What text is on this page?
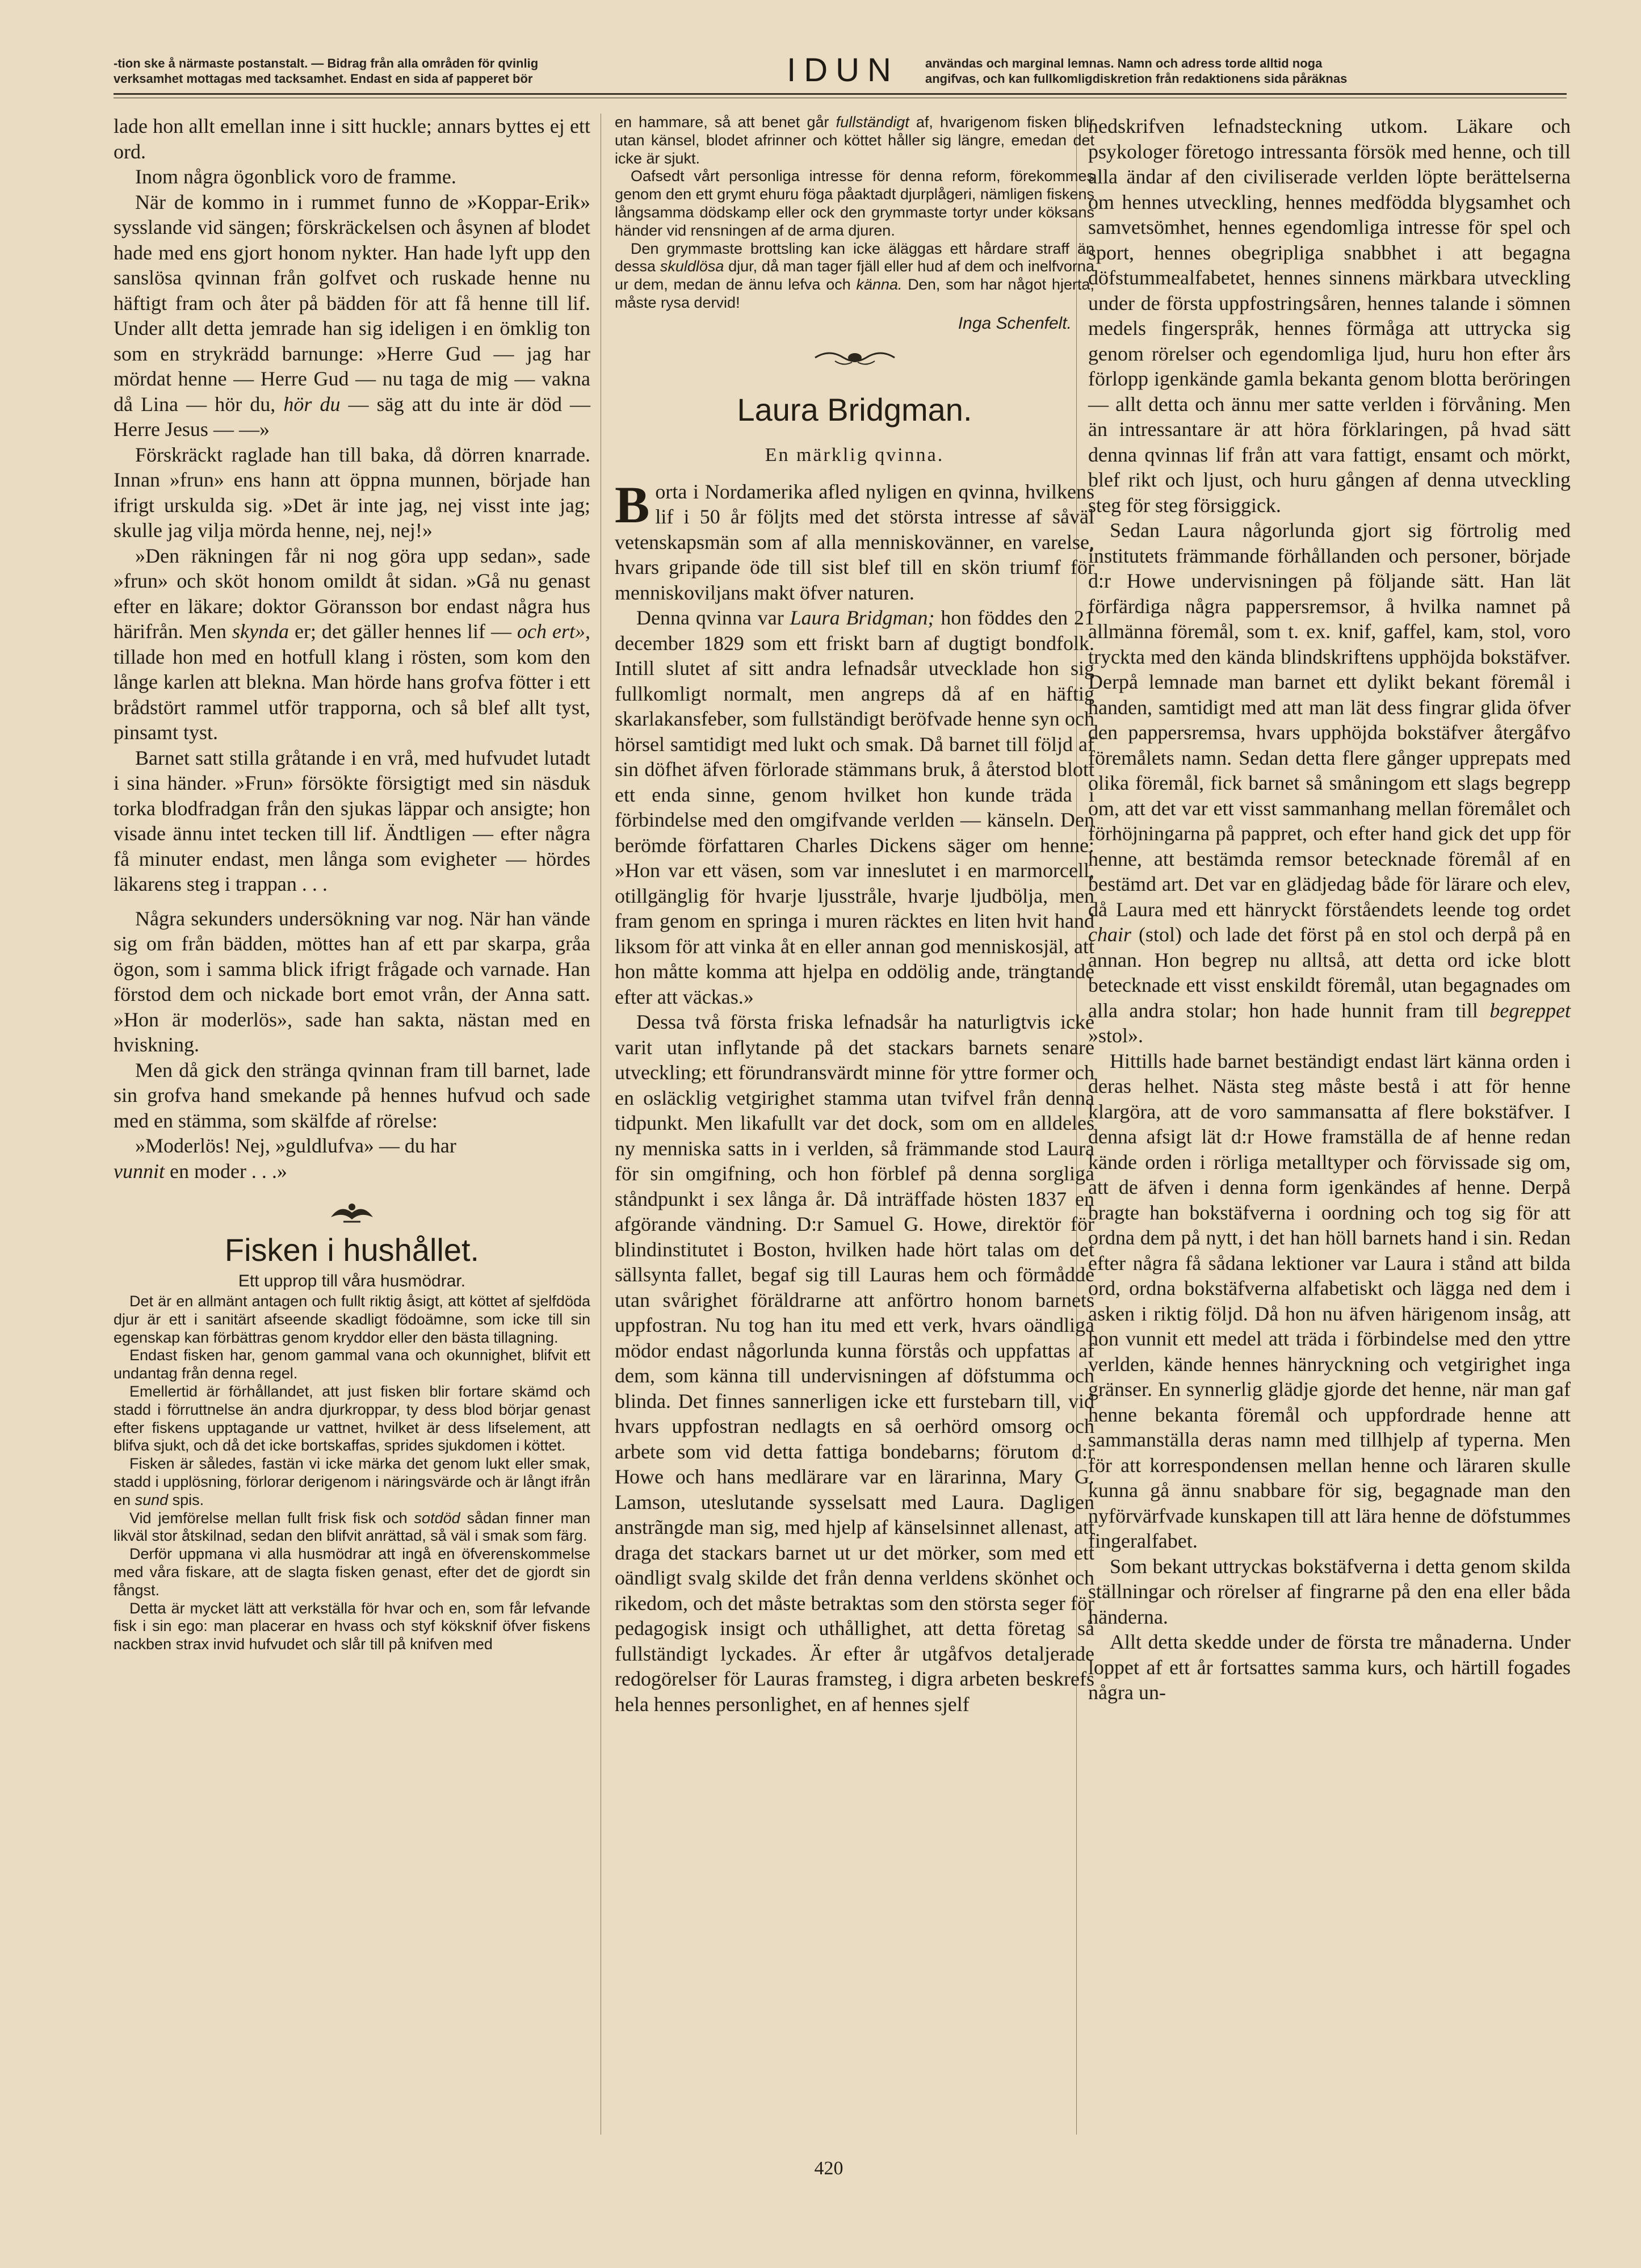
-tion ske å närmaste postanstalt. — Bidrag från alla områden för qvinlig
verksamhet mottagas med tacksamhet. Endast en sida af papperet bör	IDUN	användas och marginal lemnas. Namn och adress torde alltid noga
angifvas, och kan fullkomligdiskretion från redaktionens sida påräknas

lade hon allt emellan inne i sitt huckle; annars byttes ej ett ord.

Inom några ögonblick voro de framme.

När de kommo in i rummet funno de »Koppar-Erik» sysslande vid sängen; förskräckelsen och åsynen af blodet hade med ens gjort honom nykter. Han hade lyft upp den sanslösa qvinnan från golfvet och ruskade henne nu häftigt fram och åter på bädden för att få henne till lif. Under allt detta jemrade han sig ideligen i en ömklig ton som en strykrädd barnunge: »Herre Gud — jag har mördat henne — Herre Gud — nu taga de mig — vakna då Lina — hör du, hör du — säg att du inte är död — Herre Jesus — —»

Förskräckt raglade han till baka, då dörren knarrade. Innan »frun» ens hann att öppna munnen, började han ifrigt urskulda sig. »Det är inte jag, nej visst inte jag; skulle jag vilja mörda henne, nej, nej!»

»Den räkningen får ni nog göra upp sedan», sade »frun» och sköt honom omildt åt sidan. »Gå nu genast efter en läkare; doktor Göransson bor endast några hus härifrån. Men skynda er; det gäller hennes lif — och ert», tillade hon med en hotfull klang i rösten, som kom den långe karlen att blekna. Man hörde hans grofva fötter i ett brådstört rammel utför trapporna, och så blef allt tyst, pinsamt tyst.

Barnet satt stilla gråtande i en vrå, med hufvudet lutadt i sina händer. »Frun» försökte försigtigt med sin näsduk torka blodfradgan från den sjukas läppar och ansigte; hon visade ännu intet tecken till lif. Ändtligen — efter några få minuter endast, men långa som evigheter — hördes läkarens steg i trappan . . .

Några sekunders undersökning var nog. När han vände sig om från bädden, möttes han af ett par skarpa, gråa ögon, som i samma blick ifrigt frågade och varnade. Han förstod dem och nickade bort emot vrån, der Anna satt. »Hon är moderlös», sade han sakta, nästan med en hviskning.

Men då gick den stränga qvinnan fram till barnet, lade sin grofva hand smekande på hennes hufvud och sade med en stämma, som skälfde af rörelse:

»Moderlös! Nej, »guldlufva» — du har
vunnit en moder . . .»

Fisken i hushållet.
Ett upprop till våra husmödrar.

Det är en allmänt antagen och fullt riktig åsigt, att köttet af sjelfdöda djur är ett i sanitärt afseende skadligt födoämne, som icke till sin egenskap kan förbättras genom kryddor eller den bästa tillagning.

Endast fisken har, genom gammal vana och okunnighet, blifvit ett undantag från denna regel.

Emellertid är förhållandet, att just fisken blir fortare skämd och stadd i förruttnelse än andra djurkroppar, ty dess blod börjar genast efter fiskens upptagande ur vattnet, hvilket är dess lifselement, att blifva sjukt, och då det icke bortskaffas, sprides sjukdomen i köttet.

Fisken är således, fastän vi icke märka det genom lukt eller smak, stadd i upplösning, förlorar derigenom i näringsvärde och är långt ifrån en sund spis.

Vid jemförelse mellan fullt frisk fisk och sotdöd sådan finner man likväl stor åtskilnad, sedan den blifvit anrättad, så väl i smak som färg.

Derför uppmana vi alla husmödrar att ingå en öfverenskommelse med våra fiskare, att de slagta fisken genast, efter det de gjordt sin fångst.

Detta är mycket lätt att verkställa för hvar och en, som får lefvande fisk i sin ego: man placerar en hvass och styf köksknif öfver fiskens nackben strax invid hufvudet och slår till på knifven med

en hammare, så att benet går fullständigt af, hvarigenom fisken blir utan känsel, blodet afrinner och köttet håller sig längre, emedan det icke är sjukt.

Oafsedt vårt personliga intresse för denna reform, förekommes genom den ett grymt ehuru föga påaktadt djurplågeri, nämligen fiskens långsamma dödskamp eller ock den grymmaste tortyr under köksans händer vid rensningen af de arma djuren.

Den grymmaste brottsling kan icke äläggas ett hårdare straff än dessa skuldlösa djur, då man tager fjäll eller hud af dem och inelfvorna ur dem, medan de ännu lefva och känna. Den, som har något hjerta, måste rysa dervid!

Inga Schenfelt.
Laura Bridgman.
En märklig qvinna.

Borta i Nordamerika afled nyligen en qvinna, hvilkens lif i 50 år följts med det största intresse af såväl vetenskapsmän som af alla menniskovänner, en varelse, hvars gripande öde till sist blef till en skön triumf för menniskoviljans makt öfver naturen.

Denna qvinna var Laura Bridgman; hon föddes den 21 december 1829 som ett friskt barn af dugtigt bondfolk. Intill slutet af sitt andra lefnadsår utvecklade hon sig fullkomligt normalt, men angreps då af en häftig skarlakansfeber, som fullständigt beröfvade henne syn och hörsel samtidigt med lukt och smak. Då barnet till följd af sin döfhet äfven förlorade stämmans bruk, å återstod blott ett enda sinne, genom hvilket hon kunde träda i förbindelse med den omgifvande verlden — känseln. Den berömde författaren Charles Dickens säger om henne: »Hon var ett väsen, som var inneslutet i en marmorcell, otillgänglig för hvarje ljusstråle, hvarje ljudbölja, men fram genom en springa i muren räcktes en liten hvit hand liksom för att vinka åt en eller annan god menniskosjäl, att hon måtte komma att hjelpa en oddölig ande, trängtande efter att väckas.»

Dessa två första friska lefnadsår ha naturligtvis icke varit utan inflytande på det stackars barnets senare utveckling; ett förundransvärdt minne för yttre former och en osläcklig vetgirighet stamma utan tvifvel från denna tidpunkt. Men likafullt var det dock, som om en alldeles ny menniska satts in i verlden, så främmande stod Laura för sin omgifning, och hon förblef på denna sorgliga ståndpunkt i sex långa år. Då inträffade hösten 1837 en afgörande vändning. D:r Samuel G. Howe, direktör för blindinstitutet i Boston, hvilken hade hört talas om det sällsynta fallet, begaf sig till Lauras hem och förmådde utan svårighet föräldrarne att anförtro honom barnets uppfostran. Nu tog han itu med ett verk, hvars oändliga mödor endast någorlunda kunna förstås och uppfattas af dem, som känna till undervisningen af döfstumma och blinda. Det finnes sannerligen icke ett furstebarn till, vid hvars uppfostran nedlagts en så oerhörd omsorg och arbete som vid detta fattiga bondebarns; förutom d:r Howe och hans medlärare var en lärarinna, Mary G. Lamson, uteslutande sysselsatt med Laura. Dagligen anstrãngde man sig, med hjelp af känselsinnet allenast, att draga det stackars barnet ut ur det mörker, som med ett oändligt svalg skilde det från denna verldens skönhet och rikedom, och det måste betraktas som den största seger för pedagogisk insigt och uthållighet, att detta företag så fullständigt lyckades. Är efter år utgåfvos detaljerade redogörelser för Lauras framsteg, i digra arbeten beskrefs hela hennes personlighet, en af hennes sjelf

nedskrifven lefnadsteckning utkom. Läkare och psykologer företogo intressanta försök med henne, och till alla ändar af den civiliserade verlden löpte berättelserna om hennes utveckling, hennes medfödda blygsamhet och samvetsömhet, hennes egendomliga intresse för spel och sport, hennes obegripliga snabbhet i att begagna döfstummealfabetet, hennes sinnens märkbara utveckling under de första uppfostringsåren, hennes talande i sömnen medels fingerspråk, hennes förmåga att uttrycka sig genom rörelser och egendomliga ljud, huru hon efter års förlopp igenkände gamla bekanta genom blotta beröringen — allt detta och ännu mer satte verlden i förvåning. Men än intressantare är att höra förklaringen, på hvad sätt denna qvinnas lif från att vara fattigt, ensamt och mörkt, blef rikt och ljust, och huru gången af denna utveckling steg för steg försiggick.

Sedan Laura någorlunda gjort sig förtrolig med institutets främmande förhållanden och personer, började d:r Howe undervisningen på följande sätt. Han lät förfärdiga några pappersremsor, å hvilka namnet på allmänna föremål, som t. ex. knif, gaffel, kam, stol, voro tryckta med den kända blindskriftens upphöjda bokstäfver. Derpå lemnade man barnet ett dylikt bekant föremål i handen, samtidigt med att man lät dess fingrar glida öfver den pappersremsa, hvars upphöjda bokstäfver återgåfvo föremålets namn. Sedan detta flere gånger upprepats med olika föremål, fick barnet så småningom ett slags begrepp om, att det var ett visst sammanhang mellan föremålet och förhöjningarna på pappret, och efter hand gick det upp för henne, att bestämda remsor betecknade föremål af en bestämd art. Det var en glädjedag både för lärare och elev, då Laura med ett hänryckt förståendets leende tog ordet chair (stol) och lade det först på en stol och derpå på en annan. Hon begrep nu alltså, att detta ord icke blott betecknade ett visst enskildt föremål, utan begagnades om alla andra stolar; hon hade hunnit fram till begreppet »stol».

Hittills hade barnet beständigt endast lärt känna orden i deras helhet. Nästa steg måste bestå i att för henne klargöra, att de voro sammansatta af flere bokstäfver. I denna afsigt lät d:r Howe framställa de af henne redan kände orden i rörliga metalltyper och förvissade sig om, att de äfven i denna form igenkändes af henne. Derpå bragte han bokstäfverna i oordning och tog sig för att ordna dem på nytt, i det han höll barnets hand i sin. Redan efter några få sådana lektioner var Laura i stånd att bilda ord, ordna bokstäfverna alfabetiskt och lägga ned dem i asken i riktig följd. Då hon nu äfven härigenom insåg, att hon vunnit ett medel att träda i förbindelse med den yttre verlden, kände hennes hänryckning och vetgirighet inga gränser. En synnerlig glädje gjorde det henne, när man gaf henne bekanta föremål och uppfordrade henne att sammanställa deras namn med tillhjelp af typerna. Men för att korrespondensen mellan henne och läraren skulle kunna gå ännu snabbare för sig, begagnade man den nyförvärfvade kunskapen till att lära henne de döfstummes fingeralfabet.

Som bekant uttryckas bokstäfverna i detta genom skilda ställningar och rörelser af fingrarne på den ena eller båda händerna.

Allt detta skedde under de första tre månaderna. Under loppet af ett år fortsattes samma kurs, och härtill fogades några un-

420
